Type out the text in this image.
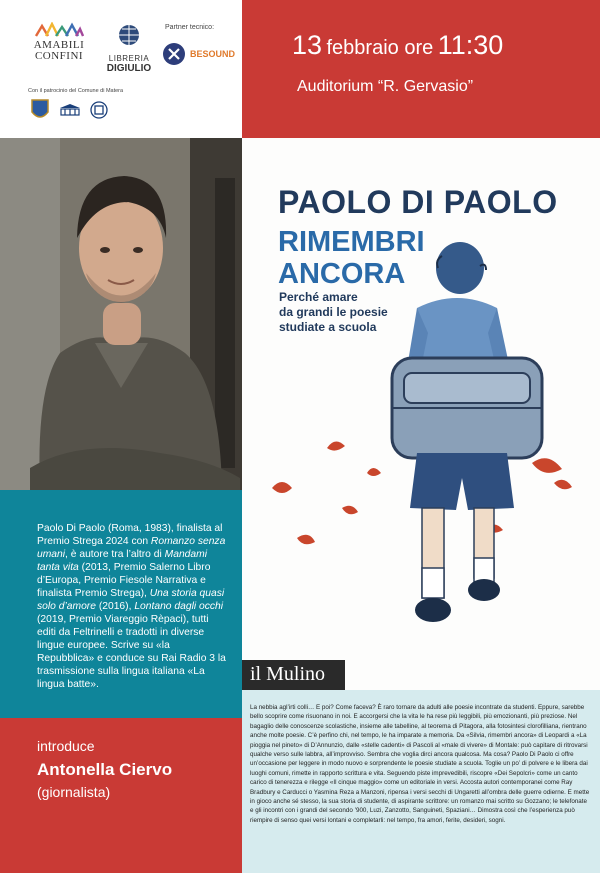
AMABILI
CONFINI	LIBRERIA
DIGIULIO
Partner tecnico:
BESOUND
Con il patrocinio del Comune di Matera
13 febbraio ore 11:30
Auditorium “R. Gervasio”
PAOLO DI PAOLO
RIMEMBRI
ANCORA
Perché amare
da grandi le poesie
studiate a scuola
il Mulino
Paolo Di Paolo (Roma, 1983), finalista al Premio Strega 2024 con Romanzo senza umani, è autore tra l’altro di Mandami tanta vita (2013, Premio Salerno Libro d’Europa, Premio Fiesole Narrativa e finalista Premio Strega), Una storia quasi solo d’amore (2016), Lontano dagli occhi (2019, Premio Viareggio Rèpaci), tutti editi da Feltrinelli e tradotti in diverse lingue europee. Scrive su «la Repubblica» e conduce su Rai Radio 3 la trasmissione sulla lingua italiana «La lingua batte».
introduce
Antonella Ciervo
(giornalista)

La nebbia agl’irti colli… E poi? Come faceva? È raro tornare da adulti alle poesie incontrate da studenti. Eppure, sarebbe bello scoprire come risuonano in noi. E accorgersi che la vita le ha rese più leggibili, più emozionanti, più preziose. Nel bagaglio delle conoscenze scolastiche, insieme alle tabelline, al teorema di Pitagora, alla fotosintesi clorofilliana, rientrano anche molte poesie. C’è perfino chi, nel tempo, le ha imparate a memoria. Da «Silvia, rimembri ancora» di Leopardi a «La pioggia nel pineto» di D’Annunzio, dalle «stelle cadenti» di Pascoli al «male di vivere» di Montale: può capitare di ritrovarsi qualche verso sulle labbra, all’improvviso. Sembra che voglia dirci ancora qualcosa. Ma cosa? Paolo Di Paolo ci offre un’occasione per leggere in modo nuovo e sorprendente le poesie studiate a scuola. Toglie un po’ di polvere e le libera dai luoghi comuni, rimette in rapporto scrittura e vita. Seguendo piste imprevedibili, riscopre «Dei Sepolcri» come un canto carico di tenerezza e rilegge «Il cinque maggio» come un editoriale in versi. Accosta autori contemporanei come Ray Bradbury e Carducci o Yasmina Reza a Manzoni, ripensa i versi secchi di Ungaretti all’ombra delle guerre odierne. E mette in gioco anche sé stesso, la sua storia di studente, di aspirante scrittore: un romanzo mai scritto su Gozzano; le telefonate e gli incontri con i grandi del secondo ’900, Luzi, Zanzotto, Sanguineti, Spaziani… Dimostra così che l’esperienza può riempire di senso quei versi lontani e completarli: nel tempo, fra amori, ferite, desideri, sogni.
